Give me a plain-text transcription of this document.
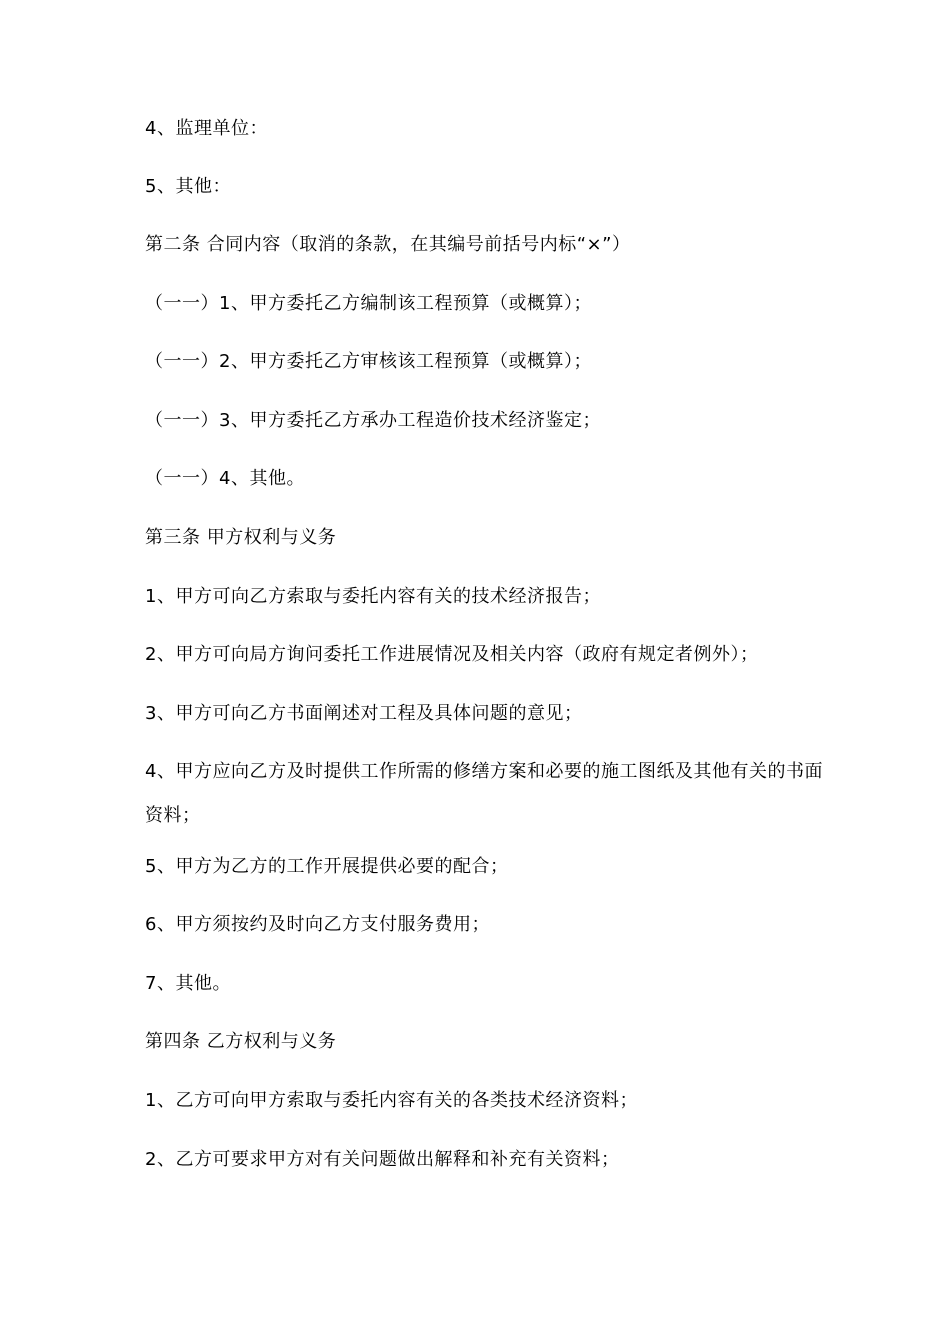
4、监理单位：
5、其他：
第二条 合同内容（取消的条款，在其编号前括号内标“×”）
（一一）1、甲方委托乙方编制该工程预算（或概算）；
（一一）2、甲方委托乙方审核该工程预算（或概算）；
（一一）3、甲方委托乙方承办工程造价技术经济鉴定；
（一一）4、其他。
第三条 甲方权利与义务
1、甲方可向乙方索取与委托内容有关的技术经济报告；
2、甲方可向局方询问委托工作进展情况及相关内容（政府有规定者例外）；
3、甲方可向乙方书面阐述对工程及具体问题的意见；
4、甲方应向乙方及时提供工作所需的修缮方案和必要的施工图纸及其他有关的书面资料；
5、甲方为乙方的工作开展提供必要的配合；
6、甲方须按约及时向乙方支付服务费用；
7、其他。
第四条 乙方权利与义务
1、乙方可向甲方索取与委托内容有关的各类技术经济资料；
2、乙方可要求甲方对有关问题做出解释和补充有关资料；
